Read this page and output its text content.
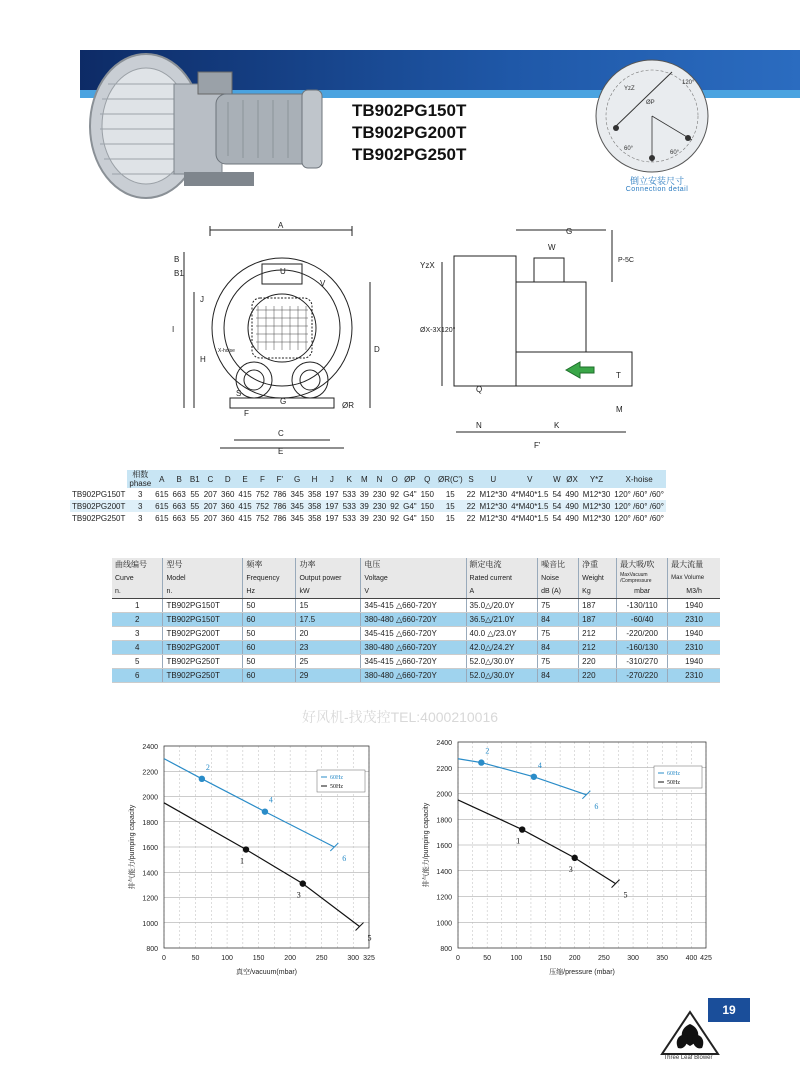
TB902PG150T
TB902PG200T
TB902PG250T
YzZ
120°
ØP
60°
60°
倒立安装尺寸
Connection detail
A
B
B1
J
U
V
I
H
D
X-hoise
S
G
F
C
E
ØR
G
W
YzX
P-5C
ØX-3X120°
Q
N	K
M
F'
T
	相数
phase	A	B	B1	C	D	E	F	F'	G	H	J	K	M	N	O	ØP	Q	ØR(C')	S	U	V	W	ØX	Y*Z	X-hoise
TB902PG150T	3	615	663	55	207	360	415	752	786	345	358	197	533	39	230	92	G4"	150	15	22	M12*30	4*M40*1.5	54	490	M12*30	120° /60° /60°
TB902PG200T	3	615	663	55	207	360	415	752	786	345	358	197	533	39	230	92	G4"	150	15	22	M12*30	4*M40*1.5	54	490	M12*30	120° /60° /60°
TB902PG250T	3	615	663	55	207	360	415	752	786	345	358	197	533	39	230	92	G4"	150	15	22	M12*30	4*M40*1.5	54	490	M12*30	120° /60° /60°
曲线编号	型号	频率	功率	电压	额定电流	噪音比	净重	最大吸/吹	最大流量
Curve	Model	Frequency	Output power	Voltage	Rated current	Noise	Weight	MaxVacuum /Compressure	Max Volume
n.	n.	Hz	kW	V	A	dB (A)	Kg	mbar	M3/h
1	TB902PG150T	50	15	345-415 △660-720Y	35.0△/20.0Y	75	187	-130/110	1940
2	TB902PG150T	60	17.5	380-480 △660-720Y	36.5△/21.0Y	84	187	-60/40	2310
3	TB902PG200T	50	20	345-415 △660-720Y	40.0 △/23.0Y	75	212	-220/200	1940
4	TB902PG200T	60	23	380-480 △660-720Y	42.0△/24.2Y	84	212	-160/130	2310
5	TB902PG250T	50	25	345-415 △660-720Y	52.0△/30.0Y	75	220	-310/270	1940
6	TB902PG250T	60	29	380-480 △660-720Y	52.0△/30.0Y	84	220	-270/220	2310
好风机-找茂控TEL:4000210016
800
1000
1200
1400
1600
1800
2000
2200
2400
0	50	100	150	200	250	300 325
真空/vacuum(mbar)
排气能力/pumping capacity
60Hz
50Hz
2
4
6
1
3
5
800
1000
1200
1400
1600
1800
2000
2200
2400
0	50	100 150 200 250 300 350 400 425
压缩/pressure (mbar)
排气能力/pumping capacity
60Hz
50Hz
2
4
6
1
3
5
19
Three Leaf Blower
